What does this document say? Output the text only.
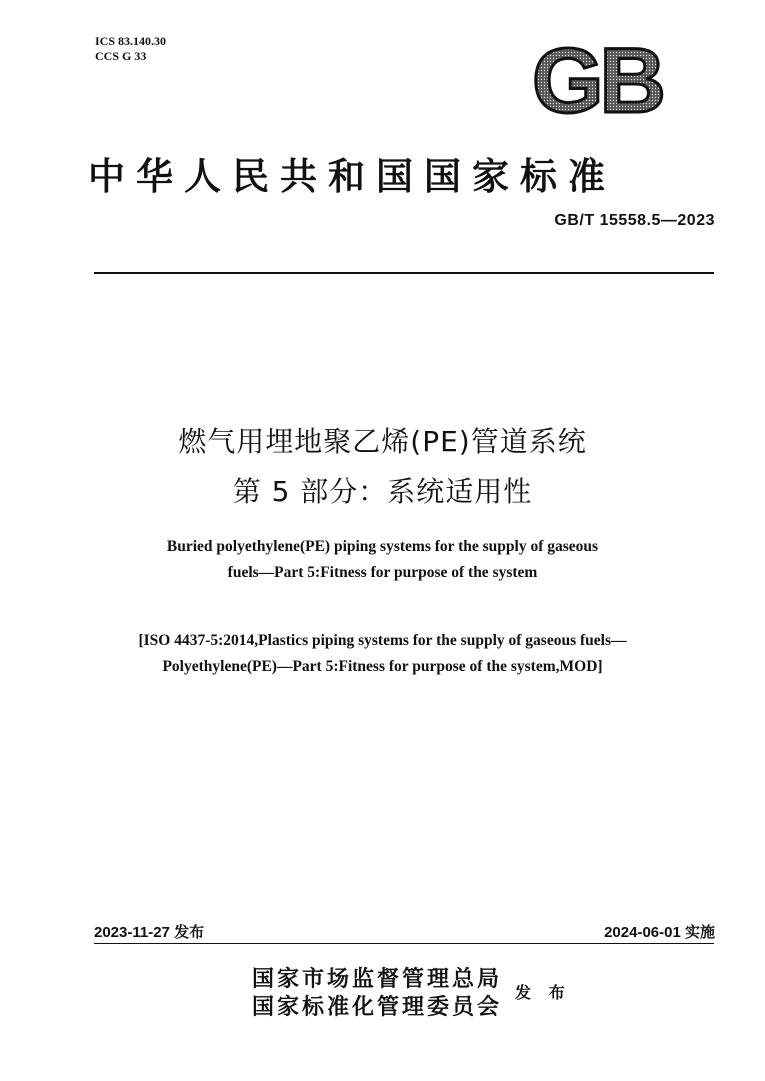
ICS 83.140.30
CCS G 33	GB
中华人民共和国国家标准
GB/T 15558.5—2023
燃气用埋地聚乙烯(PE)管道系统
第 5 部分：系统适用性
Buried polyethylene(PE) piping systems for the supply of gaseous
fuels—Part 5:Fitness for purpose of the system
[ISO 4437-5:2014,Plastics piping systems for the supply of gaseous fuels—
Polyethylene(PE)—Part 5:Fitness for purpose of the system,MOD]
2023-11-27 发布	2024-06-01 实施
国家市场监督管理总局
国家标准化管理委员会
发 布
